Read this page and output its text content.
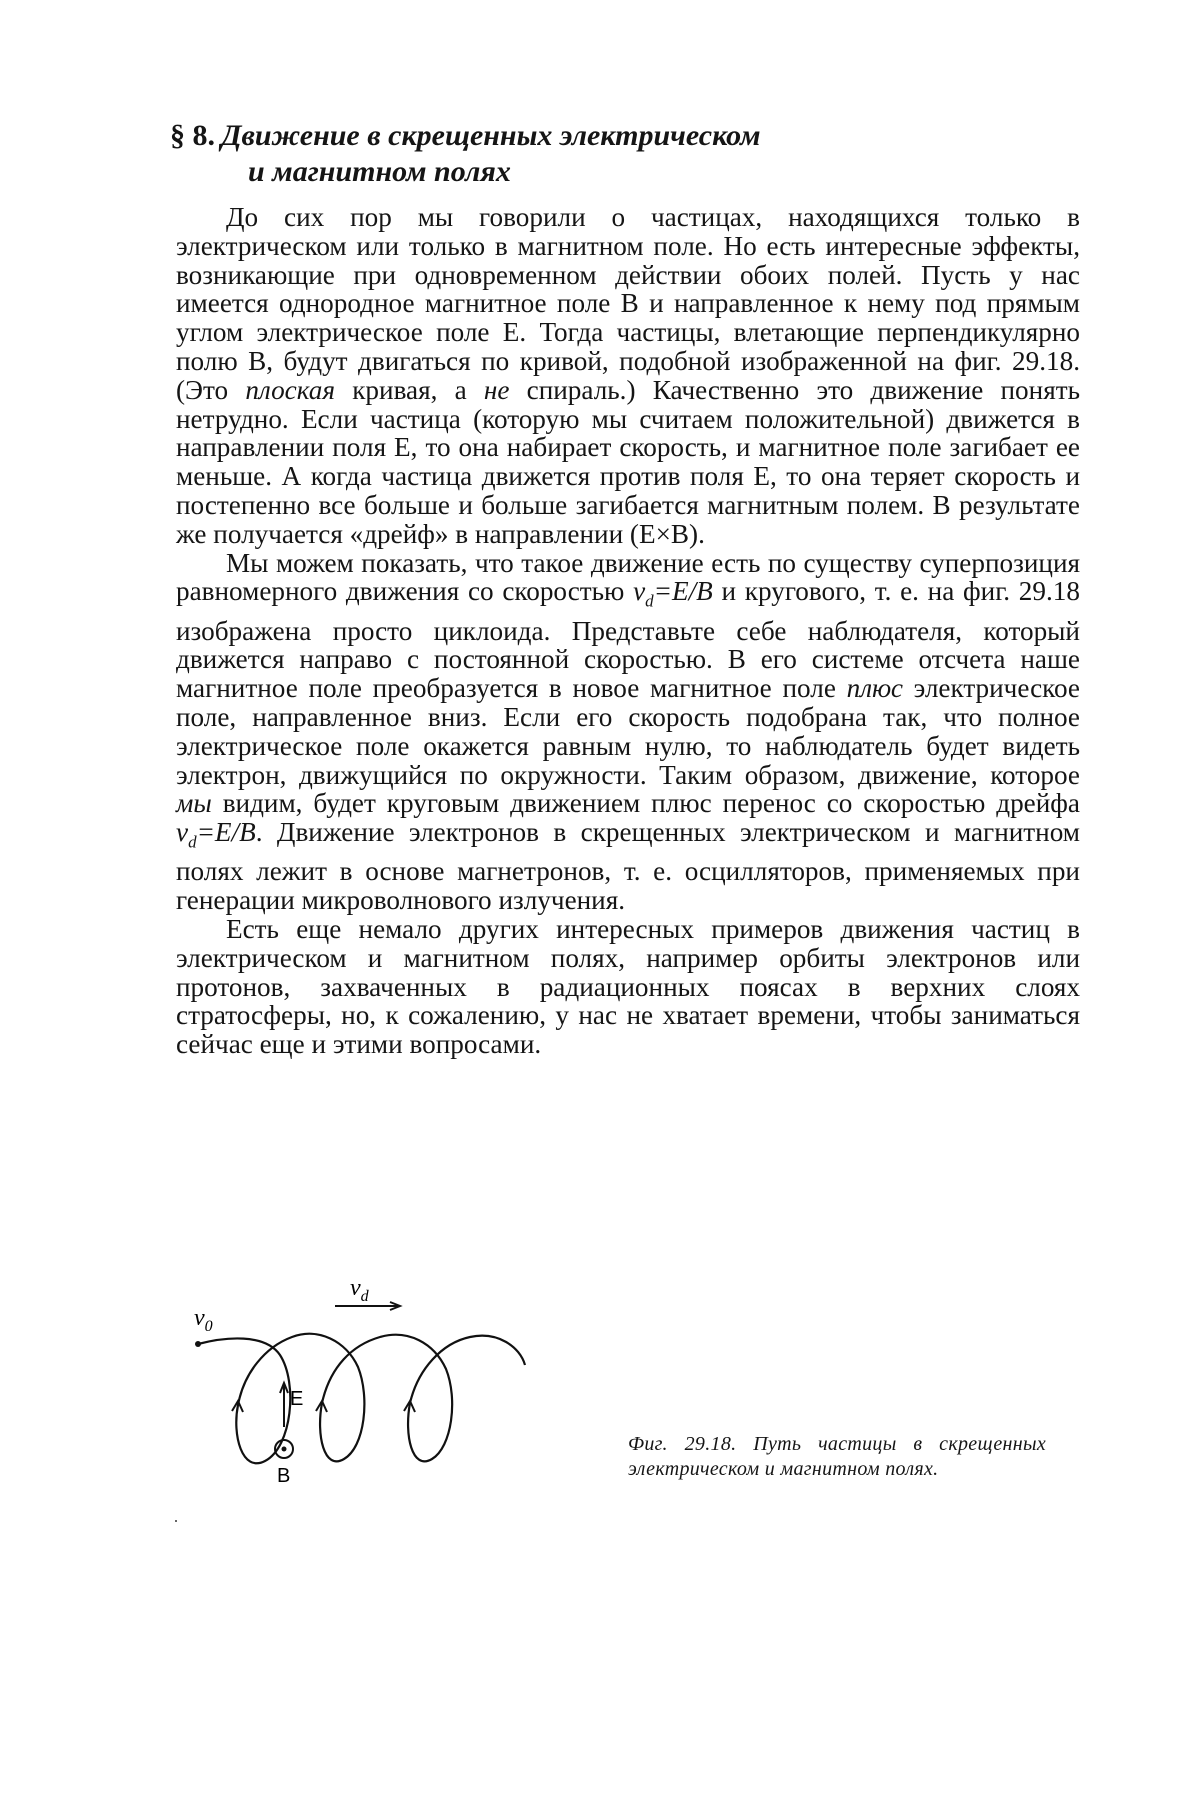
§ 8. Движение в скрещенных электрическом
и магнитном полях

До сих пор мы говорили о частицах, находящихся только в электрическом или только в магнитном поле. Но есть интересные эффекты, возникающие при одновременном действии обоих полей. Пусть у нас имеется однородное магнитное поле B и направленное к нему под прямым углом электрическое поле E. Тогда частицы, влетающие перпендикулярно полю B, будут двигаться по кривой, подобной изображенной на фиг. 29.18. (Это плоская кривая, а не спираль.) Качественно это движение понять нетрудно. Если частица (которую мы считаем положительной) движется в направлении поля E, то она набирает скорость, и магнитное поле загибает ее меньше. А когда частица движется против поля E, то она теряет скорость и постепенно все больше и больше загибается магнитным полем. В результате же получается «дрейф» в направлении (E×B).

Мы можем показать, что такое движение есть по существу суперпозиция равномерного движения со скоростью $v_d=E/B$ и кругового, т. е. на фиг. 29.18 изображена просто циклоида. Представьте себе наблюдателя, который движется направо с постоянной скоростью. В его системе отсчета наше магнитное поле преобразуется в новое магнитное поле плюс электрическое поле, направленное вниз. Если его скорость подобрана так, что полное электрическое поле окажется равным нулю, то наблюдатель будет видеть электрон, движущийся по окружности. Таким образом, движение, которое мы видим, будет круговым движением плюс перенос со скоростью дрейфа $v_d=E/B$. Движение электронов в скрещенных электрическом и магнитном полях лежит в основе магнетронов, т. е. осцилляторов, применяемых при генерации микроволнового излучения.

Есть еще немало других интересных примеров движения частиц в электрическом и магнитном полях, например орбиты электронов или протонов, захваченных в радиационных поясах в верхних слоях стратосферы, но, к сожалению, у нас не хватает времени, чтобы заниматься сейчас еще и этими вопросами.

$v_d$
$v_0$
E
B
Фиг. 29.18. Путь частицы в скрещенных электрическом и магнитном полях.
